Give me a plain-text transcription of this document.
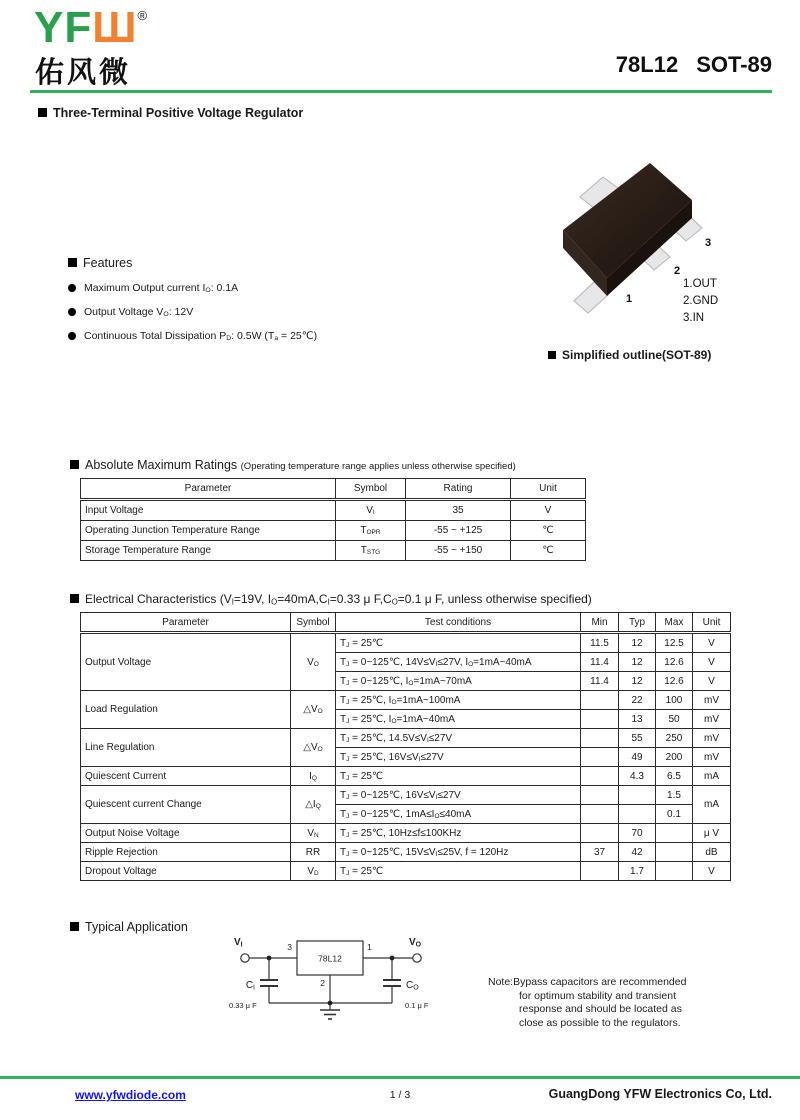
YFШ®
佑风微	78L12 SOT-89
Three-Terminal Positive Voltage Regulator
Features
Maximum Output current $I_O$: 0.1A
Output Voltage $V_O$: 12V
Continuous Total Dissipation $P_D$: 0.5W ($T_a$ = 25℃)
1
2
3
1.OUT
2.GND
3.IN
Simplified outline(SOT-89)
Absolute Maximum Ratings (Operating temperature range applies unless otherwise specified)
Parameter	Symbol	Rating	Unit
Input Voltage	$V_I$	35	V
Operating Junction Temperature Range	$T_{OPR}$	-55 ~ +125	℃
Storage Temperature Range	$T_{STG}$	-55 ~ +150	℃
Electrical Characteristics ($V_I=19V$, $I_O=40mA,C_I=0.33$ μ $F,C_O=0.1$ μ F, unless otherwise specified)
Parameter	Symbol	Test conditions	Min	Typ	Max	Unit
Output Voltage	$V_O$	$T_J$ = 25℃	11.5	12	12.5	V
		$T_J$ = 0~125℃, $14V\le V_I\le 27V$, $I_O=1mA\sim 40mA$	11.4	12	12.6	V
		$T_J$ = 0~125℃, $I_O=1mA\sim 70mA$	11.4	12	12.6	V
Load Regulation	$\triangle V_O$	$T_J$ = 25℃, $I_O=1mA\sim 100mA$		22	100	mV
		$T_J$ = 25℃, $I_O=1mA\sim 40mA$		13	50	mV
Line Regulation	$\triangle V_O$	$T_J$ = 25℃, $14.5V\le V_I\le 27V$		55	250	mV
		$T_J$ = 25℃, $16V\le V_I\le 27V$		49	200	mV
Quiescent Current	$I_Q$	$T_J$ = 25℃		4.3	6.5	mA
Quiescent current Change	$\triangle I_Q$	$T_J$ = 0~125℃, $16V\le V_I\le 27V$			1.5	mA
		$T_J$ = 0~125℃, $1mA\le I_O\le 40mA$			0.1	
Output Noise Voltage	$V_N$	$T_J$ = 25℃, 10Hz≤f≤100KHz		70		μ V
Ripple Rejection	RR	$T_J$ = 0~125℃, $15V\le V_I\le 25V$, f = 120Hz	37	42		dB
Dropout Voltage	$V_D$	$T_J$ = 25℃		1.7		V
Typical Application
78L12
3	1
2
VI	VO
CI
0.33 μ F
CO
0.1 μ F
Note:Bypass capacitors are recommended
for optimum stability and transient
response and should be located as
close as possible to the regulators.
www.yfwdiode.com	1 / 3	GuangDong YFW Electronics Co, Ltd.
